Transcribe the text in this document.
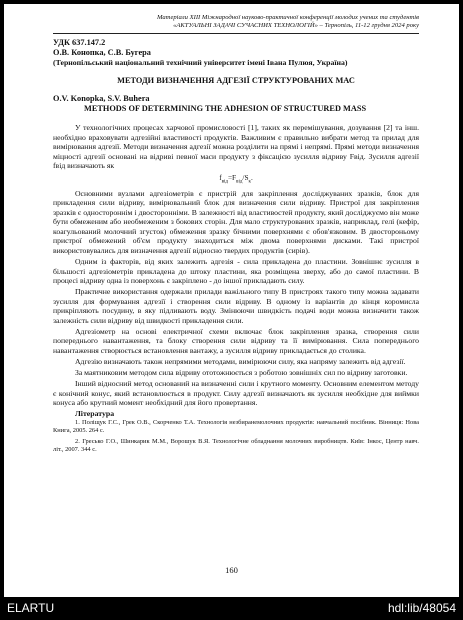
Матеріали XIII Міжнародної науково-практичної конференції молодих учених та студентів
«АКТУАЛЬНІ ЗАДАЧІ СУЧАСНИХ ТЕХНОЛОГІЙ» – Тернопіль, 11-12 грудня 2024 року
УДК 637.147.2
О.В. Конопка, С.В. Бугера
(Тернопільський національний технічний університет імені Івана Пулюя, Україна)
МЕТОДИ ВИЗНАЧЕННЯ АДГЕЗІЇ СТРУКТУРОВАНИХ МАС
O.V. Konopka, S.V. Buhera
METHODS OF DETERMINING THE ADHESION OF STRUCTURED MASS

У технологічних процесах харчової промисловості [1], таких як перемішування, дозування [2] та інш. необхідно враховувати адгезійні властивості продуктів. Важливим є правильно вибрати метод та прилад для вимірювання адгезії. Методи визначення адгезії можна розділити на прямі і непрямі. Прямі методи визначення міцності адгезії основані на відриві певної маси продукту з фіксацією зусилля відриву Fвід. Зусилля адгезії fвід визначають як

$f_{від}=F_{від}/S_к$.

Основними вузлами адгезіометрів є пристрій для закріплення досліджуваних зразків, блок для прикладення сили відриву, вимірювальний блок для визначення сили відриву. Пристрої для закріплення зразків є одностороннім і двосторонніми. В залежності від властивостей продукту, який досліджуємо він може бути обмеженим або необмеженим з бокових сторін. Для мало структурованих зразків, наприклад, гелі (кефір, коагульований молочний згусток) обмеження зразку бічними поверхнями є обов'язковим. В двостороньому пристрої обмежений об'єм продукту знаходиться між двома поверхнями дисками. Такі пристрої використовувались для визначення адгезії відносно твердих продуктів (сирів).

Одним із факторів, від яких залежить адгезія - сила прикладена до пластини. Зовнішнє зусилля в більшості адгезіометрів прикладена до штоку пластини, яка розміщена зверху, або до самої пластини. В процесі відриву одна із поверхонь є закріплено - до іншої прикладають силу.

Практичне використання одержали прилади важільного типу В пристроях такого типу можна задавати зусилля для формування адгезії і створення сили відриву. В одному із варіантів до кінця коромисла прикріпляють посудину, в яку підливають воду. Змінюючи швидкість подачі води можна визначити також залежність сили відриву від швидкості прикладення сили.

Адгезіометр на основі електричної схеми включає блок закріплення зразка, створення сили попереднього навантаження, та блоку створення сили відриву та її вимірювання. Сила попереднього навантаження створюється встановлення вантажу, а зусилля відриву прикладається до столика.

Адгезію визначають також непрямими методами, вимірюючи силу, яка напряму залежить від адгезії.

За маятниковим методом сила відриву ототожнюється з роботою зовнішніх сил по відриву заготовки.

Інший відносний метод оснований на визначенні сили і крутного моменту. Основним елементом методу є конічний конус, який встановлюється в продукт. Силу адгезії визначають як зусилля необхідне для виймки конуса або крутний момент необхідний для його провертання.

Література
1. Поліщук Г.С., Грек О.В., Скорченко Т.А. Технологія незбиранемолочних продуктів: навчальний посібник. Вінниця: Нова Книга, 2005. 264 с.
2. Гресько Г.О., Шинкарик М.М., Ворошук В.Я. Технологічне обладнання молочних виробництв. Київ: Інкос, Центр навч. літ., 2007. 344 с.
160
ELARTU	hdl:lib/48054
